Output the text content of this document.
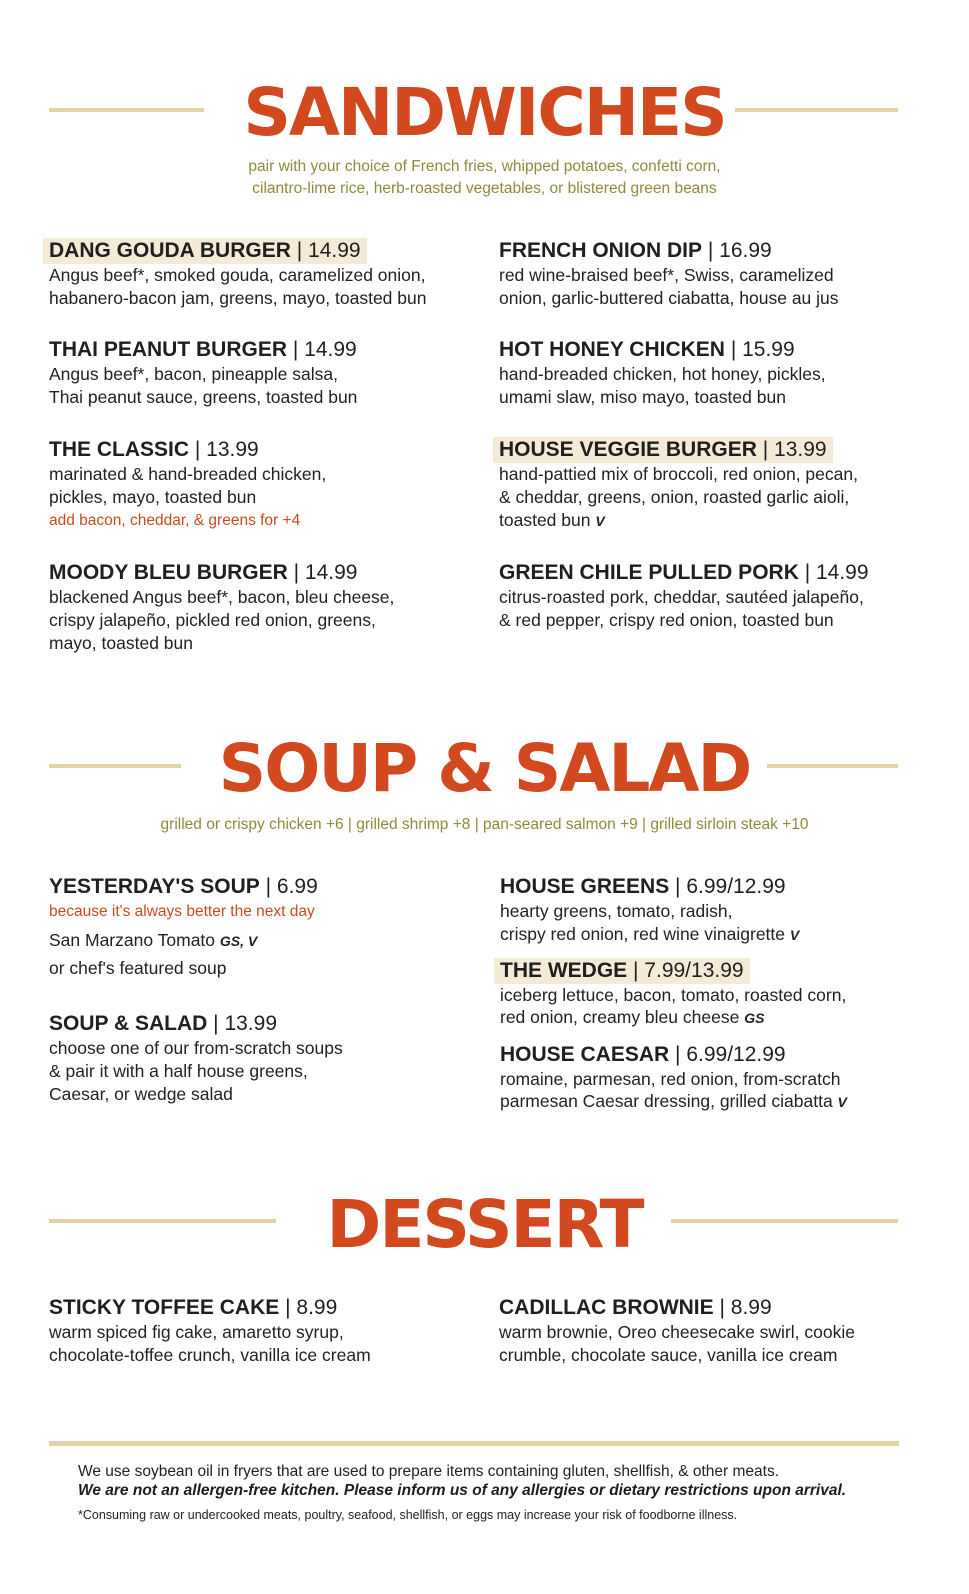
SANDWICHES
pair with your choice of French fries, whipped potatoes, confetti corn,
cilantro-lime rice, herb-roasted vegetables, or blistered green beans
DANG GOUDA BURGER | 14.99
Angus beef*, smoked gouda, caramelized onion,
habanero-bacon jam, greens, mayo, toasted bun
FRENCH ONION DIP | 16.99
red wine-braised beef*, Swiss, caramelized
onion, garlic-buttered ciabatta, house au jus
THAI PEANUT BURGER | 14.99
Angus beef*, bacon, pineapple salsa,
Thai peanut sauce, greens, toasted bun
HOT HONEY CHICKEN | 15.99
hand-breaded chicken, hot honey, pickles,
umami slaw, miso mayo, toasted bun
THE CLASSIC | 13.99
marinated & hand-breaded chicken,
pickles, mayo, toasted bun
add bacon, cheddar, & greens for +4
HOUSE VEGGIE BURGER | 13.99
hand-pattied mix of broccoli, red onion, pecan,
& cheddar, greens, onion, roasted garlic aioli,
toasted bun V
MOODY BLEU BURGER | 14.99
blackened Angus beef*, bacon, bleu cheese,
crispy jalapeño, pickled red onion, greens,
mayo, toasted bun
GREEN CHILE PULLED PORK | 14.99
citrus-roasted pork, cheddar, sautéed jalapeño,
& red pepper, crispy red onion, toasted bun
SOUP & SALAD
grilled or crispy chicken +6 | grilled shrimp +8 | pan-seared salmon +9 | grilled sirloin steak +10
YESTERDAY'S SOUP | 6.99
because it's always better the next day
San Marzano Tomato GS, V
or chef's featured soup
HOUSE GREENS | 6.99/12.99
hearty greens, tomato, radish,
crispy red onion, red wine vinaigrette V
THE WEDGE | 7.99/13.99
iceberg lettuce, bacon, tomato, roasted corn,
red onion, creamy bleu cheese GS
SOUP & SALAD | 13.99
choose one of our from-scratch soups
& pair it with a half house greens,
Caesar, or wedge salad
HOUSE CAESAR | 6.99/12.99
romaine, parmesan, red onion, from-scratch
parmesan Caesar dressing, grilled ciabatta V
DESSERT
STICKY TOFFEE CAKE | 8.99
warm spiced fig cake, amaretto syrup,
chocolate-toffee crunch, vanilla ice cream
CADILLAC BROWNIE | 8.99
warm brownie, Oreo cheesecake swirl, cookie
crumble, chocolate sauce, vanilla ice cream
We use soybean oil in fryers that are used to prepare items containing gluten, shellfish, & other meats.
We are not an allergen-free kitchen. Please inform us of any allergies or dietary restrictions upon arrival.
*Consuming raw or undercooked meats, poultry, seafood, shellfish, or eggs may increase your risk of foodborne illness.
